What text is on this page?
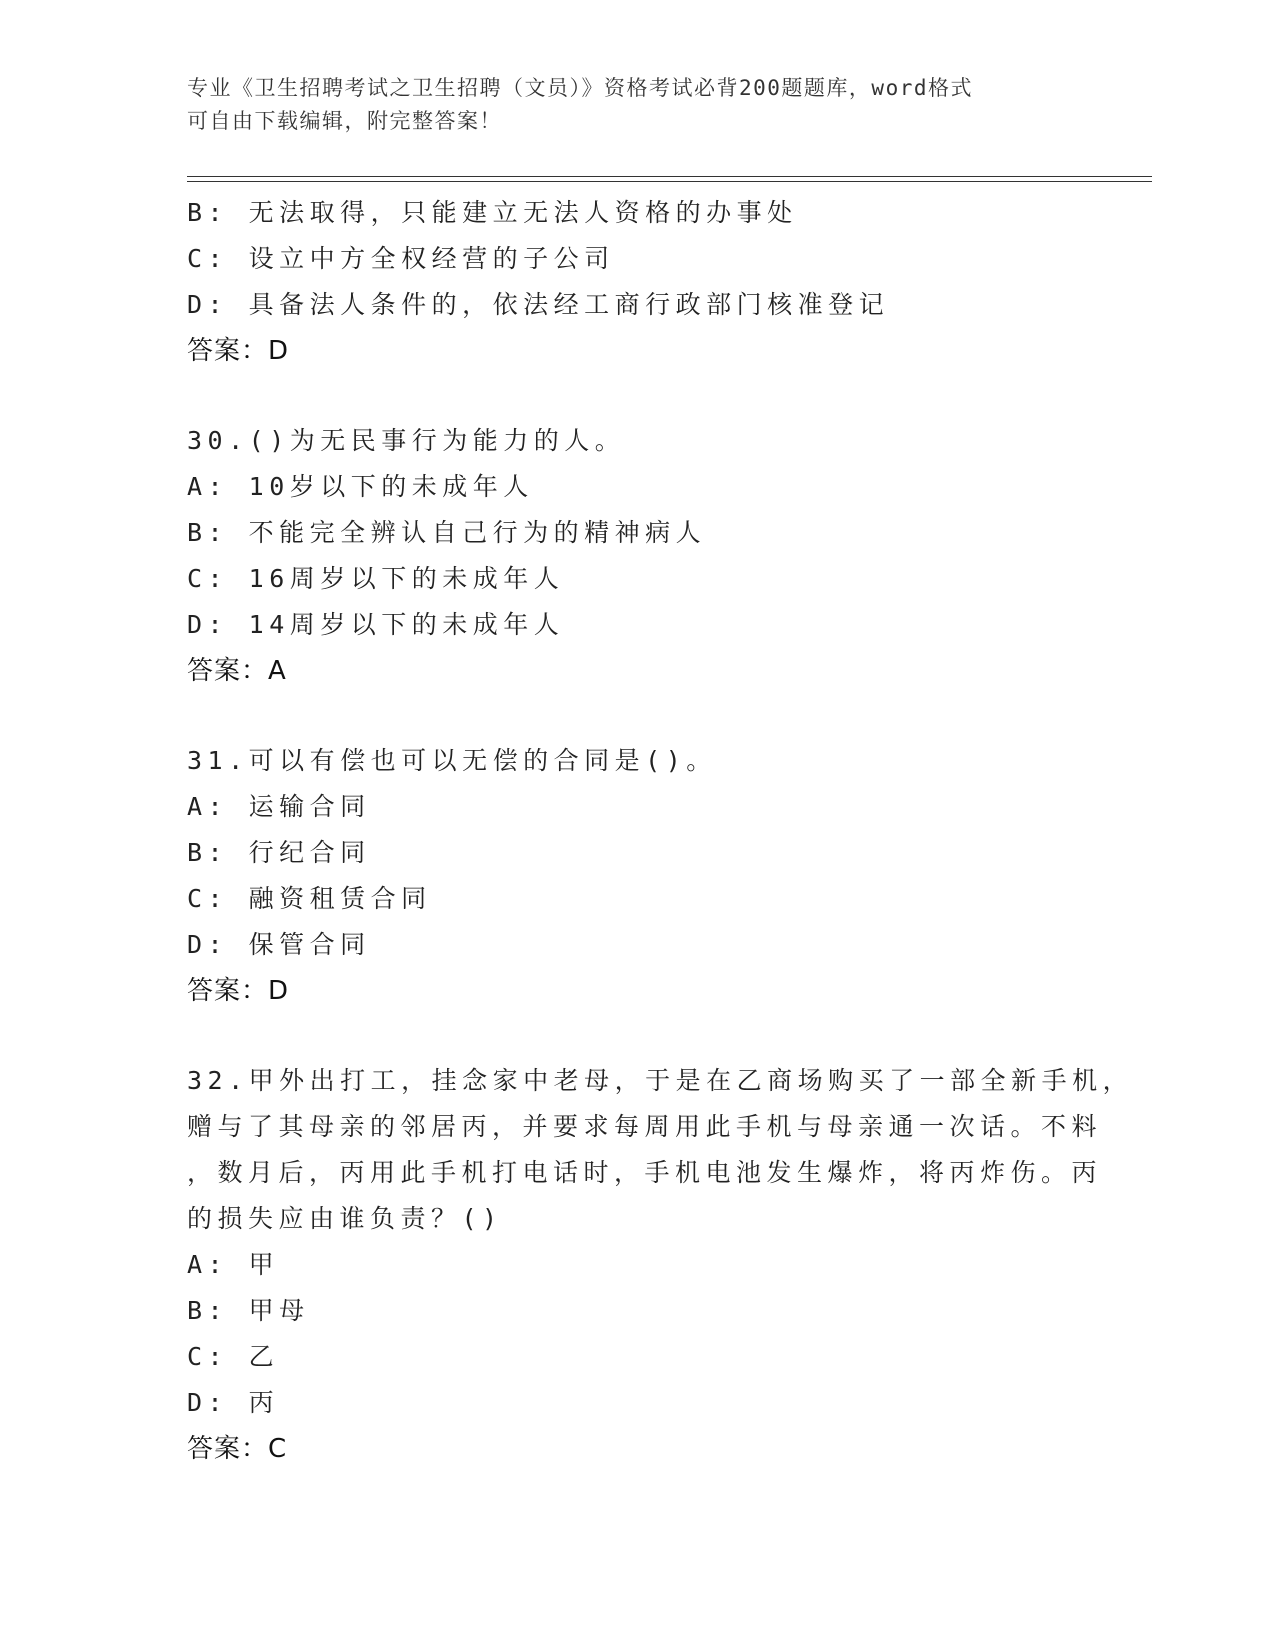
专业《卫生招聘考试之卫生招聘（文员）》资格考试必背200题题库，word格式
可自由下载编辑，附完整答案！
B: 无法取得，只能建立无法人资格的办事处
C: 设立中方全权经营的子公司
D: 具备法人条件的，依法经工商行政部门核准登记
答案：D
30.()为无民事行为能力的人。
A: 10岁以下的未成年人
B: 不能完全辨认自己行为的精神病人
C: 16周岁以下的未成年人
D: 14周岁以下的未成年人
答案：A
31.可以有偿也可以无偿的合同是()。
A: 运输合同
B: 行纪合同
C: 融资租赁合同
D: 保管合同
答案：D
32.甲外出打工，挂念家中老母，于是在乙商场购买了一部全新手机，
赠与了其母亲的邻居丙，并要求每周用此手机与母亲通一次话。不料
，数月后，丙用此手机打电话时，手机电池发生爆炸，将丙炸伤。丙
的损失应由谁负责？()
A: 甲
B: 甲母
C: 乙
D: 丙
答案：C
